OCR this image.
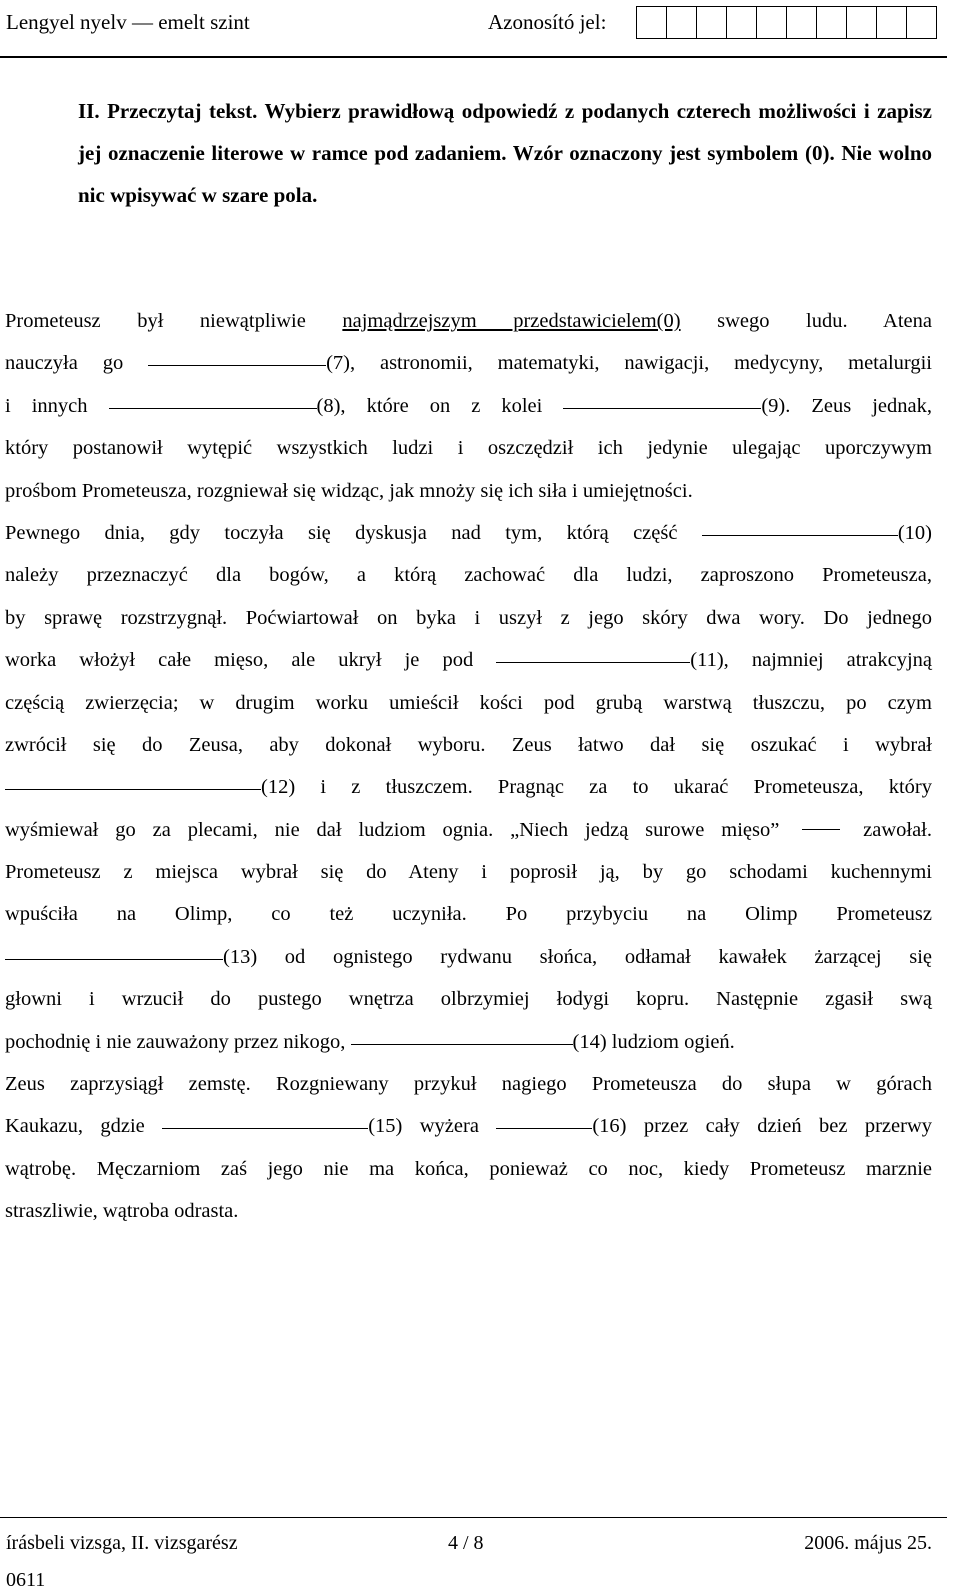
Lengyel nyelv — emelt szint	Azonosító jel:

II. Przeczytaj tekst. Wybierz prawidłową odpowiedź z podanych czterech możliwości i zapisz jej oznaczenie literowe w ramce pod zadaniem. Wzór oznaczony jest symbolem (0). Nie wolno nic wpisywać w szare pola.

Prometeusz był niewątpliwie najmądrzejszym przedstawicielem(0) swego ludu. Atena
nauczyła go	(7), astronomii, matematyki, nawigacji, medycyny, metalurgii
i innych	(8), które on z kolei	(9). Zeus jednak,
który postanowił wytępić wszystkich ludzi i oszczędził ich jedynie ulegając uporczywym
prośbom Prometeusza, rozgniewał się widząc, jak mnoży się ich siła i umiejętności.
Pewnego dnia, gdy toczyła się dyskusja nad tym, którą część	(10)
należy przeznaczyć dla bogów, a którą zachować dla ludzi, zaproszono Prometeusza,
by sprawę rozstrzygnął. Poćwiartował on byka i uszył z jego skóry dwa wory. Do jednego
worka włożył całe mięso, ale ukrył je pod	(11), najmniej atrakcyjną
częścią zwierzęcia; w drugim worku umieścił kości pod grubą warstwą tłuszczu, po czym
zwrócił się do Zeusa, aby dokonał wyboru. Zeus łatwo dał się oszukać i wybrał
(12) i z tłuszczem. Pragnąc za to ukarać Prometeusza, który
wyśmiewał go za plecami, nie dał ludziom ognia. „Niech jedzą surowe mięso”	zawołał.
Prometeusz z miejsca wybrał się do Ateny i poprosił ją, by go schodami kuchennymi
wpuściła na Olimp, co też uczyniła. Po przybyciu na Olimp Prometeusz
(13) od ognistego rydwanu słońca, odłamał kawałek żarzącej się
głowni i wrzucił do pustego wnętrza olbrzymiej łodygi kopru. Następnie zgasił swą
pochodnię i nie zauważony przez nikogo,	(14) ludziom ogień.
Zeus zaprzysiągł zemstę. Rozgniewany przykuł nagiego Prometeusza do słupa w górach
Kaukazu, gdzie	(15) wyżera	(16) przez cały dzień bez przerwy
wątrobę. Męczarniom zaś jego nie ma końca, ponieważ co noc, kiedy Prometeusz marznie
straszliwie, wątroba odrasta.
írásbeli vizsga, II. vizsgarész	4 / 8	2006. május 25.
0611
